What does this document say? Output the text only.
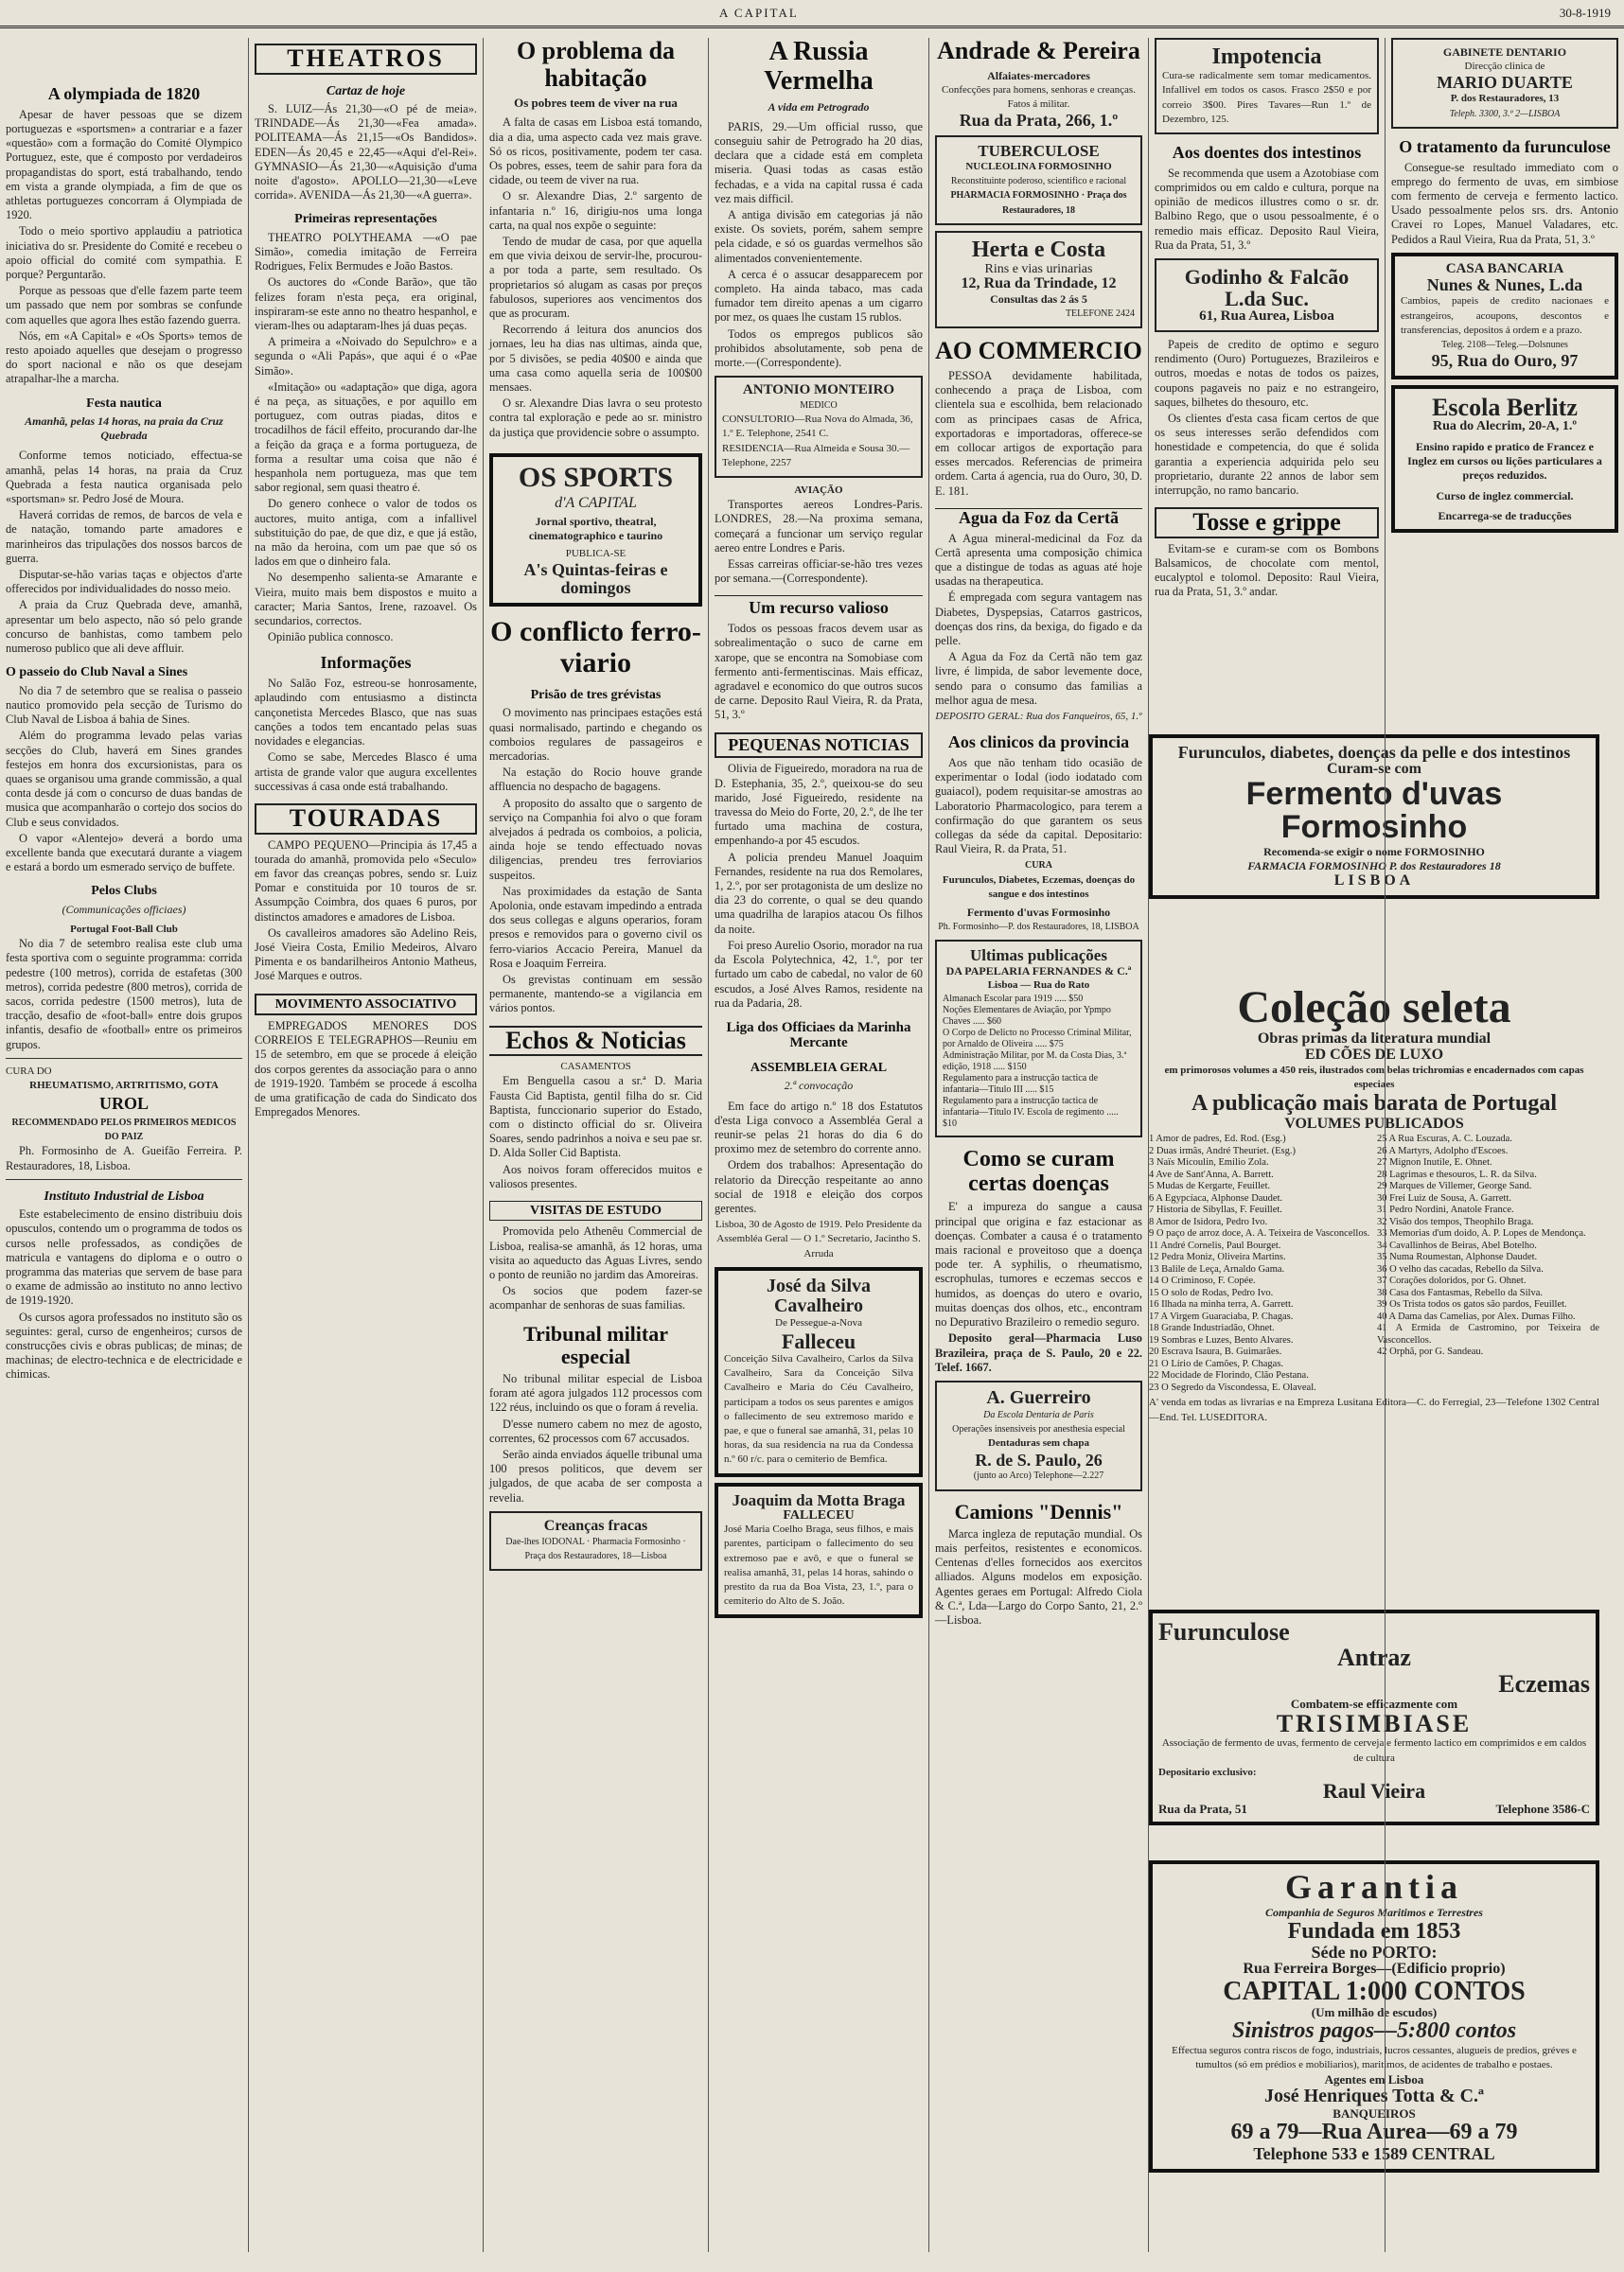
A CAPITAL	30-8-1919
A olympiada de 1820

Apesar de haver pessoas que se dizem portuguezas e «sportsmen» a contrariar e a fazer «questão» com a formação do Comité Olympico Portuguez, este, que é composto por verdadeiros propagandistas do sport, está trabalhando, tendo em vista a grande olympiada, a fim de que os athletas portuguezes concorram á Olympiada de 1920.

Todo o meio sportivo applaudiu a patriotica iniciativa do sr. Presidente do Comité e recebeu o apoio official do comité com sympathia. E porque? Perguntarão.

Porque as pessoas que d'elle fazem parte teem um passado que nem por sombras se confunde com aquelles que agora lhes estão fazendo guerra.

Nós, em «A Capital» e «Os Sports» temos de resto apoiado aquelles que desejam o progresso do sport nacional e não os que desejam atrapalhar-lhe a marcha.

Festa nautica
Amanhã, pelas 14 horas, na praia da Cruz Quebrada

Conforme temos noticiado, effectua-se amanhã, pelas 14 horas, na praia da Cruz Quebrada a festa nautica organisada pelo «sportsman» sr. Pedro José de Moura.

Haverá corridas de remos, de barcos de vela e de natação, tomando parte amadores e marinheiros das tripulações dos nossos barcos de guerra.

Disputar-se-hão varias taças e objectos d'arte offerecidos por individualidades do nosso meio.

A praia da Cruz Quebrada deve, amanhã, apresentar um belo aspecto, não só pelo grande concurso de banhistas, como tambem pelo numeroso publico que ali deve affluir.

O passeio do Club Naval a Sines

No dia 7 de setembro que se realisa o passeio nautico promovido pela secção de Turismo do Club Naval de Lisboa á bahia de Sines.

Além do programma levado pelas varias secções do Club, haverá em Sines grandes festejos em honra dos excursionistas, para os quaes se organisou uma grande commissão, a qual conta desde já com o concurso de duas bandas de musica que acompanharão o cortejo dos socios do Club e seus convidados.

O vapor «Alentejo» deverá a bordo uma excellente banda que executará durante a viagem e estará a bordo um esmerado serviço de buffete.

Pelos Clubs
(Communicações officiaes)
Portugal Foot-Ball Club

No dia 7 de setembro realisa este club uma festa sportiva com o seguinte programma: corrida pedestre (100 metros), corrida de estafetas (300 metros), corrida pedestre (800 metros), corrida de sacos, corrida pedestre (1500 metros), luta de tracção, desafio de «foot-ball» entre dois grupos infantis, desafio de «football» entre os primeiros grupos.

CURA DO
RHEUMATISMO, ARTRITISMO, GOTA
UROL
RECOMMENDADO PELOS PRIMEIROS MEDICOS DO PAIZ

Ph. Formosinho de A. Gueifão Ferreira. P. Restauradores, 18, Lisboa.

Instituto Industrial de Lisboa

Este estabelecimento de ensino distribuiu dois opusculos, contendo um o programma de todos os cursos nelle professados, as condições de matricula e vantagens do diploma e o outro o programma das materias que servem de base para o exame de admissão ao instituto no anno lectivo de 1919-1920.

Os cursos agora professados no instituto são os seguintes: geral, curso de engenheiros; cursos de construcções civis e obras publicas; de minas; de machinas; de electro-technica e de electricidade e chimicas.

THEATROS
Cartaz de hoje

S. LUIZ—Ás 21,30—«O pé de meia». TRINDADE—Ás 21,30—«Fea amada». POLITEAMA—Ás 21,15—«Os Bandidos». EDEN—Ás 20,45 e 22,45—«Aqui d'el-Rei». GYMNASIO—Ás 21,30—«Aquisição d'uma noite d'agosto». APOLLO—21,30—«Leve corrida». AVENIDA—Ás 21,30—«A guerra».

Primeiras representações

THEATRO POLYTHEAMA —«O pae Simão», comedia imitação de Ferreira Rodrigues, Felix Bermudes e João Bastos.

Os auctores do «Conde Barão», que tão felizes foram n'esta peça, era original, inspiraram-se este anno no theatro hespanhol, e vieram-lhes ou adaptaram-lhes já duas peças.

A primeira a «Noivado do Sepulchro» e a segunda o «Ali Papás», que aqui é o «Pae Simão».

«Imitação» ou «adaptação» que diga, agora é na peça, as situações, e por aquillo em portuguez, com outras piadas, ditos e trocadilhos de fácil effeito, procurando dar-lhe a feição da graça e a forma portugueza, de forma a resultar uma coisa que não é hespanhola nem portugueza, mas que tem sabor regional, sem quasi theatro é.

Do genero conhece o valor de todos os auctores, muito antiga, com a infallivel substituição do pae, de que diz, e que já estão, na mão da heroina, com um pae que só os lados em que o dinheiro fala.

No desempenho salienta-se Amarante e Vieira, muito mais bem dispostos e muito a caracter; Maria Santos, Irene, razoavel. Os secundarios, correctos.

Opinião publica connosco.

Informações

No Salão Foz, estreou-se honrosamente, aplaudindo com entusiasmo a distincta cançonetista Mercedes Blasco, que nas suas canções a todos tem encantado pelas suas novidades e elegancias.

Como se sabe, Mercedes Blasco é uma artista de grande valor que augura excellentes successivas á casa onde está trabalhando.

TOURADAS

CAMPO PEQUENO—Principia ás 17,45 a tourada do amanhã, promovida pelo «Seculo» em favor das creanças pobres, sendo sr. Luiz Pomar e constituida por 10 touros de sr. Assumpção Coimbra, dos quaes 6 puros, por distinctos amadores e amadores de Lisboa.

Os cavalleiros amadores são Adelino Reis, José Vieira Costa, Emilio Medeiros, Alvaro Pimenta e os bandarilheiros Antonio Matheus, José Marques e outros.

MOVIMENTO ASSOCIATIVO

EMPREGADOS MENORES DOS CORREIOS E TELEGRAPHOS—Reuniu em 15 de setembro, em que se procede á eleição dos corpos gerentes da associação para o anno de 1919-1920. Também se procede á escolha de uma gratificação de cada do Sindicato dos Empregados Menores.

O problema da habitação
Os pobres teem de viver na rua

A falta de casas em Lisboa está tomando, dia a dia, uma aspecto cada vez mais grave. Só os ricos, positivamente, podem ter casa. Os pobres, esses, teem de sahir para fora da cidade, ou teem de viver na rua.

O sr. Alexandre Dias, 2.º sargento de infantaria n.º 16, dirigiu-nos uma longa carta, na qual nos expõe o seguinte:

Tendo de mudar de casa, por que aquella em que vivia deixou de servir-lhe, procurou-a por toda a parte, sem resultado. Os proprietarios só alugam as casas por preços fabulosos, superiores aos vencimentos dos que as procuram.

Recorrendo á leitura dos anuncios dos jornaes, leu ha dias nas ultimas, ainda que, por 5 divisões, se pedia 40$00 e ainda que uma casa como aquella seria de 100$00 mensaes.

O sr. Alexandre Dias lavra o seu protesto contra tal exploração e pede ao sr. ministro da justiça que providencie sobre o assumpto.

OS SPORTS
d'A CAPITAL
Jornal sportivo, theatral, cinematographico e taurino
PUBLICA-SE
A's Quintas-feiras e domingos
O conflicto ferro-viario
Prisão de tres grévistas

O movimento nas principaes estações está quasi normalisado, partindo e chegando os comboios regulares de passageiros e mercadorias.

Na estação do Rocio houve grande affluencia no despacho de bagagens.

A proposito do assalto que o sargento de serviço na Companhia foi alvo o que foram alvejados á pedrada os comboios, a policia, ainda hoje se tendo effectuado novas diligencias, prendeu tres ferroviarios suspeitos.

Nas proximidades da estação de Santa Apolonia, onde estavam impedindo a entrada dos seus collegas e alguns operarios, foram presos e removidos para o governo civil os ferro-viarios Accacio Pereira, Manuel da Rosa e Joaquim Ferreira.

Os grevistas continuam em sessão permanente, mantendo-se a vigilancia em vários pontos.

Echos & Noticias
CASAMENTOS

Em Benguella casou a sr.ª D. Maria Fausta Cid Baptista, gentil filha do sr. Cid Baptista, funccionario superior do Estado, com o distincto official do sr. Oliveira Soares, sendo padrinhos a noiva e seu pae sr. D. Alda Soller Cid Baptista.

Aos noivos foram offerecidos muitos e valiosos presentes.

VISITAS DE ESTUDO

Promovida pelo Athenêu Commercial de Lisboa, realisa-se amanhã, ás 12 horas, uma visita ao aqueducto das Aguas Livres, sendo o ponto de reunião no jardim das Amoreiras.

Os socios que podem fazer-se acompanhar de senhoras de suas familias.

Tribunal militar especial

No tribunal militar especial de Lisboa foram até agora julgados 112 processos com 122 réus, incluindo os que o foram á revelia.

D'esse numero cabem no mez de agosto, correntes, 62 processos com 67 accusados.

Serão ainda enviados áquelle tribunal uma 100 presos politicos, que devem ser julgados, de que acaba de ser composta a revelia.

Creanças fracas
Dae-lhes IODONAL · Pharmacia Formosinho · Praça dos Restauradores, 18—Lisboa
A Russia Vermelha
A vida em Petrogrado

PARIS, 29.—Um official russo, que conseguiu sahir de Petrogrado ha 20 dias, declara que a cidade está em completa miseria. Quasi todas as casas estão fechadas, e a vida na capital russa é cada vez mais difficil.

A antiga divisão em categorias já não existe. Os soviets, porém, sahem sempre pela cidade, e só os guardas vermelhos são alimentados convenientemente.

A cerca é o assucar desapparecem por completo. Ha ainda tabaco, mas cada fumador tem direito apenas a um cigarro por mez, os quaes lhe custam 15 rublos.

Todos os empregos publicos são prohibidos absolutamente, sob pena de morte.—(Correspondente).

ANTONIO MONTEIRO
MEDICO
CONSULTORIO—Rua Nova do Almada, 36, 1.º E. Telephone, 2541 C.
RESIDENCIA—Rua Almeida e Sousa 30.—Telephone, 2257
AVIAÇÃO

Transportes aereos Londres-Paris. LONDRES, 28.—Na proxima semana, começará a funcionar um serviço regular aereo entre Londres e Paris.

Essas carreiras officiar-se-hão tres vezes por semana.—(Correspondente).

Um recurso valioso

Todos os pessoas fracos devem usar as sobrealimentação o suco de carne em xarope, que se encontra na Somobiase com fermento anti-fermentiscinas. Mais efficaz, agradavel e economico do que outros sucos de carne. Deposito Raul Vieira, R. da Prata, 51, 3.º

PEQUENAS NOTICIAS

Olivia de Figueiredo, moradora na rua de D. Estephania, 35, 2.º, queixou-se do seu marido, José Figueiredo, residente na travessa do Meio do Forte, 20, 2.º, de lhe ter furtado uma machina de costura, empenhando-a por 45 escudos.

A policia prendeu Manuel Joaquim Fernandes, residente na rua dos Remolares, 1, 2.º, por ser protagonista de um deslize no dia 23 do corrente, o qual se deu quando uma quadrilha de larapios atacou Os filhos da noite.

Foi preso Aurelio Osorio, morador na rua da Escola Polytechnica, 42, 1.º, por ter furtado um cabo de cabedal, no valor de 60 escudos, a José Alves Ramos, residente na rua da Padaria, 28.

Liga dos Officiaes da Marinha Mercante
ASSEMBLEIA GERAL
2.ª convocação

Em face do artigo n.º 18 dos Estatutos d'esta Liga convoco a Assembléa Geral a reunir-se pelas 21 horas do dia 6 do proximo mez de setembro do corrente anno.

Ordem dos trabalhos: Apresentação do relatorio da Direcção respeitante ao anno social de 1918 e eleição dos corpos gerentes.

Lisboa, 30 de Agosto de 1919. Pelo Presidente da Assembléa Geral — O 1.º Secretario, Jacintho S. Arruda

José da Silva Cavalheiro
De Pessegue-a-Nova
Falleceu
Conceição Silva Cavalheiro, Carlos da Silva Cavalheiro, Sara da Conceição Silva Cavalheiro e Maria do Céu Cavalheiro, participam a todos os seus parentes e amigos o fallecimento de seu extremoso marido e pae, e que o funeral sae amanhã, 31, pelas 10 horas, da sua residencia na rua da Condessa n.º 60 r/c. para o cemiterio de Bemfica.
Joaquim da Motta Braga
FALLECEU
José Maria Coelho Braga, seus filhos, e mais parentes, participam o fallecimento do seu extremoso pae e avô, e que o funeral se realisa amanhã, 31, pelas 14 horas, sahindo o prestito da rua da Boa Vista, 23, 1.º, para o cemiterio do Alto de S. João.
Andrade & Pereira
Alfaiates-mercadores
Confecções para homens, senhoras e creanças. Fatos á militar.
Rua da Prata, 266, 1.º
TUBERCULOSE
NUCLEOLINA FORMOSINHO
Reconstituinte poderoso, scientifico e racional
PHARMACIA FORMOSINHO · Praça dos Restauradores, 18
Herta e Costa
Rins e vias urinarias
12, Rua da Trindade, 12
Consultas das 2 ás 5
TELEFONE 2424
AO COMMERCIO

PESSOA devidamente habilitada, conhecendo a praça de Lisboa, com clientela sua e escolhida, bem relacionado com as principaes casas de Africa, exportadoras e importadoras, offerece-se em collocar artigos de exportação para esses mercados. Referencias de primeira ordem. Carta á agencia, rua do Ouro, 30, D. E. 181.

Agua da Foz da Certã

A Agua mineral-medicinal da Foz da Certã apresenta uma composição chimica que a distingue de todas as aguas até hoje usadas na therapeutica.

É empregada com segura vantagem nas Diabetes, Dyspepsias, Catarros gastricos, doenças dos rins, da bexiga, do figado e da pelle.

A Agua da Foz da Certã não tem gaz livre, é limpida, de sabor levemente doce, sendo para o consumo das familias a melhor agua de mesa.

DEPOSITO GERAL: Rua dos Fanqueiros, 65, 1.º

Aos clinicos da provincia

Aos que não tenham tido ocasião de experimentar o Iodal (iodo iodatado com guaiacol), podem requisitar-se amostras ao Laboratorio Pharmacologico, para terem a confirmação do que garantem os seus collegas da séde da capital. Depositario: Raul Vieira, R. da Prata, 51.

CURA
Furunculos, Diabetes, Eczemas, doenças do sangue e dos intestinos
Fermento d'uvas Formosinho
Ph. Formosinho—P. dos Restauradores, 18, LISBOA
Ultimas publicações
DA PAPELARIA FERNANDES & C.ª
Lisboa — Rua do Rato
Almanach Escolar para 1919 ..... $50
Noções Elementares de Aviação, por Ypmpo Chaves ..... $60
O Corpo de Delicto no Processo Criminal Militar, por Arnaldo de Oliveira ..... $75
Administração Militar, por M. da Costa Dias, 3.ª edição, 1918 ..... $150
Regulamento para a instrucção tactica de infantaria—Titulo III ..... $15
Regulamento para a instrucção tactica de infantaria—Titulo IV. Escola de regimento ..... $10
Como se curam certas doenças

E' a impureza do sangue a causa principal que origina e faz estacionar as doenças. Combater a causa é o tratamento mais racional e proveitoso que a doença pode ter. A syphilis, o rheumatismo, escrophulas, tumores e eczemas seccos e humidos, as doenças do utero e ovario, muitas doenças dos olhos, etc., encontram no Depurativo Brazileiro o remedio seguro.

Deposito geral—Pharmacia Luso Brazileira, praça de S. Paulo, 20 e 22. Telef. 1667.

A. Guerreiro
Da Escola Dentaria de Paris
Operações insensiveis por anesthesia especial
Dentaduras sem chapa
R. de S. Paulo, 26
(junto ao Arco) Telephone—2.227
Camions "Dennis"

Marca ingleza de reputação mundial. Os mais perfeitos, resistentes e economicos. Centenas d'elles fornecidos aos exercitos alliados. Alguns modelos em exposição. Agentes geraes em Portugal: Alfredo Ciola & C.ª, Lda—Largo do Corpo Santo, 21, 2.º—Lisboa.

Impotencia
Cura-se radicalmente sem tomar medicamentos. Infallivel em todos os casos. Frasco 2$50 e por correio 3$00. Pires Tavares—Run 1.º de Dezembro, 125.
Aos doentes dos intestinos

Se recommenda que usem a Azotobiase com comprimidos ou em caldo e cultura, porque na opinião de medicos illustres como o sr. dr. Balbino Rego, que o usou pessoalmente, é o remedio mais efficaz. Deposito Raul Vieira, Rua da Prata, 51, 3.º

Godinho & Falcão
L.da Suc.
61, Rua Aurea, Lisboa

Papeis de credito de optimo e seguro rendimento (Ouro) Portuguezes, Brazileiros e outros, moedas e notas de todos os paizes, coupons pagaveis no paiz e no estrangeiro, saques, bilhetes do thesouro, etc.

Os clientes d'esta casa ficam certos de que os seus interesses serão defendidos com honestidade e competencia, do que é solida garantia a experiencia adquirida pelo seu proprietario, durante 22 annos de labor sem interrupção, no ramo bancario.

Tosse e grippe

Evitam-se e curam-se com os Bombons Balsamicos, de chocolate com mentol, eucalyptol e tolomol. Deposito: Raul Vieira, rua da Prata, 51, 3.º andar.

Furunculos, diabetes, doenças da pelle e dos intestinos
Curam-se com
Fermento d'uvas Formosinho
Recomenda-se exigir o nome FORMOSINHO
FARMACIA FORMOSINHO P. dos Restauradores 18
LISBOA
Coleção seleta
Obras primas da literatura mundial
ED CÕES DE LUXO
em primorosos volumes a 450 reis, ilustrados com belas trichromias e encadernados com capas especiaes
A publicação mais barata de Portugal
VOLUMES PUBLICADOS
1 Amor de padres, Ed. Rod. (Esg.)
2 Duas irmãs, André Theuriet. (Esg.)
3 Naïs Micoulin, Emilio Zola.
4 Ave de Sant'Anna, A. Barrett.
5 Mudas de Kergarte, Feuillet.
6 A Egypcíaca, Alphonse Daudet.
7 Historia de Sibyllas, F. Feuillet.
8 Amor de Isidora, Pedro Ivo.
9 O paço de arroz doce, A. A. Teixeira de Vasconcellos.
11 André Cornelis, Paul Bourget.
12 Pedra Moniz, Oliveira Martins.
13 Balile de Leça, Arnaldo Gama.
14 O Criminoso, F. Copée.
15 O solo de Rodas, Pedro Ivo.
16 Ilhada na minha terra, A. Garrett.
17 A Virgem Guaraciaba, P. Chagas.
18 Grande Industriadão, Ohnet.
19 Sombras e Luzes, Bento Alvares.
20 Escrava Isaura, B. Guimarães.
21 O Lírio de Camões, P. Chagas.
22 Mocidade de Florindo, Clão Pestana.
23 O Segredo da Viscondessa, E. Olaveal.
25 A Rua Escuras, A. C. Louzada.
26 A Martyrs, Adolpho d'Escoes.
27 Mignon Inutile, E. Ohnet.
28 Lagrimas e thesouros, L. R. da Silva.
29 Marques de Villemer, George Sand.
30 Frei Luiz de Sousa, A. Garrett.
31 Pedro Nordini, Anatole France.
32 Visão dos tempos, Theophilo Braga.
33 Memorias d'um doido, A. P. Lopes de Mendonça.
34 Cavallinhos de Beiras, Abel Botelho.
35 Numa Roumestan, Alphonse Daudet.
36 O velho das cacadas, Rebello da Silva.
37 Corações doloridos, por G. Ohnet.
38 Casa dos Fantasmas, Rebello da Silva.
39 Os Trista todos os gatos são pardos, Feuillet.
40 A Dama das Camelias, por Alex. Dumas Filho.
41 A Ermida de Castromino, por Teixeira de Vasconcellos.
42 Orphã, por G. Sandeau.
A' venda em todas as livrarias e na Empreza Lusitana Editora—C. do Ferregial, 23—Telefone 1302 Central—End. Tel. LUSEDITORA.
Furunculose
Antraz
Eczemas
Combatem-se efficazmente com
TRISIMBIASE
Associação de fermento de uvas, fermento de cerveja e fermento lactico em comprimidos e em caldos de cultura
Depositario exclusivo:
Raul Vieira
Rua da Prata, 51	Telephone 3586-C
Garantia
Companhia de Seguros Maritimos e Terrestres
Fundada em 1853
Séde no PORTO:
Rua Ferreira Borges—(Edificio proprio)
CAPITAL 1:000 CONTOS
(Um milhão de escudos)
Sinistros pagos—5:800 contos
Effectua seguros contra riscos de fogo, industriais, lucros cessantes, alugueis de predios, gréves e tumultos (só em prédios e mobiliarios), maritimos, de acidentes de trabalho e postaes.
Agentes em Lisboa
José Henriques Totta & C.ª
BANQUEIROS
69 a 79—Rua Aurea—69 a 79
Telephone 533 e 1589 CENTRAL
GABINETE DENTARIO
Direcção clinica de
MARIO DUARTE
P. dos Restauradores, 13
Teleph. 3300, 3.º 2—LISBOA
O tratamento da furunculose

Consegue-se resultado immediato com o emprego do fermento de uvas, em simbiose com fermento de cerveja e fermento lactico. Usado pessoalmente pelos srs. drs. Antonio Cravei ro Lopes, Manuel Valadares, etc. Pedidos a Raul Vieira, Rua da Prata, 51, 3.º

CASA BANCARIA
Nunes & Nunes, L.da
Cambios, papeis de credito nacionaes e estrangeiros, acoupons, descontos e transferencias, depositos á ordem e a prazo.
Teleg. 2108—Teleg.—Dolsnunes
95, Rua do Ouro, 97
Escola Berlitz
Rua do Alecrim, 20-A, 1.º
Ensino rapido e pratico de Francez e Inglez em cursos ou lições particulares a preços reduzidos.
Curso de inglez commercial.
Encarrega-se de traducções
